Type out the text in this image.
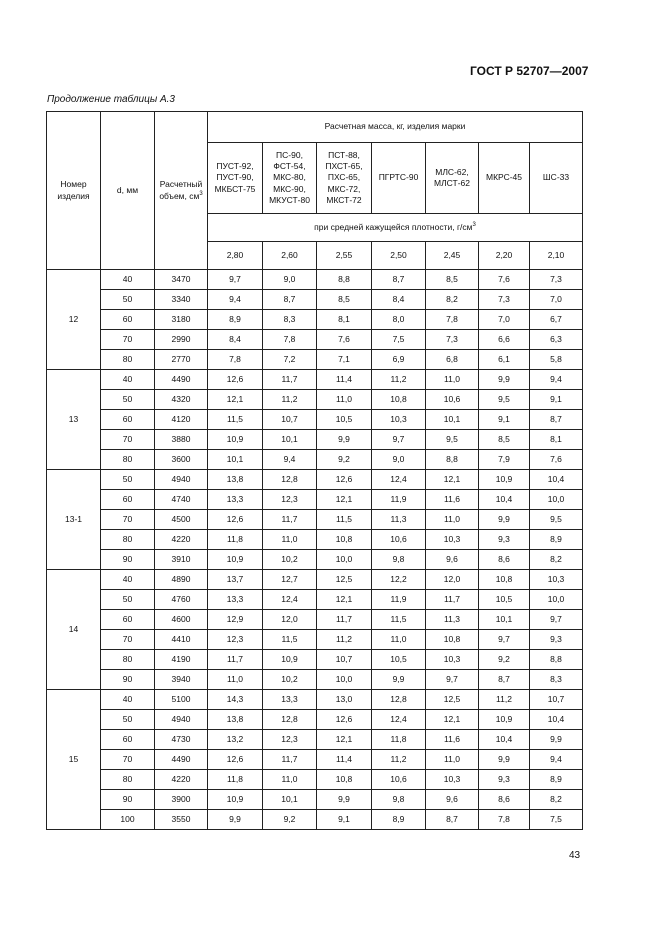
ГОСТ Р 52707—2007
Продолжение таблицы А.3
Номер изделия	d, мм	Расчетный объем, $см^3$	Расчетная масса, кг, изделия марки						
			ПУСТ-92, ПУСТ-90, МКБСТ-75	ПС-90, ФСТ-54, МКС-80, МКС-90, МКУСТ-80	ПСТ-88, ПХСТ-65, ПХС-65, МКС-72, МКСТ-72	ПГРТС-90	МЛС-62, МЛСТ-62	МКРС-45	ШС-33
			при средней кажущейся плотности, $г/см^3$
			2,80	2,60	2,55	2,50	2,45	2,20	2,10
12	40	3470	9,7	9,0	8,8	8,7	8,5	7,6	7,3
	50	3340	9,4	8,7	8,5	8,4	8,2	7,3	7,0
	60	3180	8,9	8,3	8,1	8,0	7,8	7,0	6,7
	70	2990	8,4	7,8	7,6	7,5	7,3	6,6	6,3
	80	2770	7,8	7,2	7,1	6,9	6,8	6,1	5,8
13	40	4490	12,6	11,7	11,4	11,2	11,0	9,9	9,4
	50	4320	12,1	11,2	11,0	10,8	10,6	9,5	9,1
	60	4120	11,5	10,7	10,5	10,3	10,1	9,1	8,7
	70	3880	10,9	10,1	9,9	9,7	9,5	8,5	8,1
	80	3600	10,1	9,4	9,2	9,0	8,8	7,9	7,6
13-1	50	4940	13,8	12,8	12,6	12,4	12,1	10,9	10,4
	60	4740	13,3	12,3	12,1	11,9	11,6	10,4	10,0
	70	4500	12,6	11,7	11,5	11,3	11,0	9,9	9,5
	80	4220	11,8	11,0	10,8	10,6	10,3	9,3	8,9
	90	3910	10,9	10,2	10,0	9,8	9,6	8,6	8,2
14	40	4890	13,7	12,7	12,5	12,2	12,0	10,8	10,3
	50	4760	13,3	12,4	12,1	11,9	11,7	10,5	10,0
	60	4600	12,9	12,0	11,7	11,5	11,3	10,1	9,7
	70	4410	12,3	11,5	11,2	11,0	10,8	9,7	9,3
	80	4190	11,7	10,9	10,7	10,5	10,3	9,2	8,8
	90	3940	11,0	10,2	10,0	9,9	9,7	8,7	8,3
15	40	5100	14,3	13,3	13,0	12,8	12,5	11,2	10,7
	50	4940	13,8	12,8	12,6	12,4	12,1	10,9	10,4
	60	4730	13,2	12,3	12,1	11,8	11,6	10,4	9,9
	70	4490	12,6	11,7	11,4	11,2	11,0	9,9	9,4
	80	4220	11,8	11,0	10,8	10,6	10,3	9,3	8,9
	90	3900	10,9	10,1	9,9	9,8	9,6	8,6	8,2
	100	3550	9,9	9,2	9,1	8,9	8,7	7,8	7,5
43
